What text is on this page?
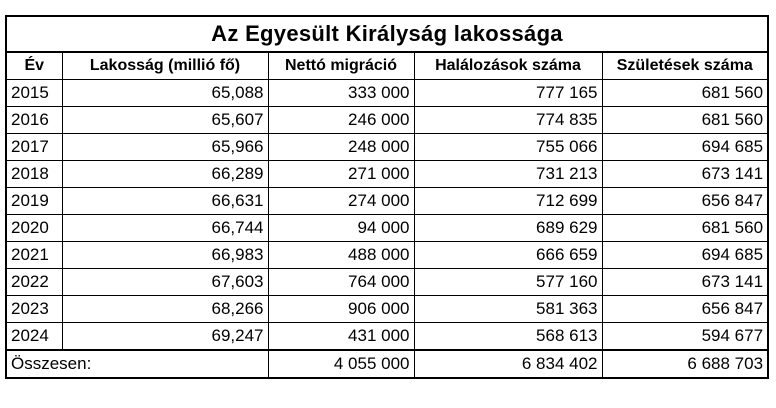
Az Egyesült Királyság lakossága				
Év	Lakosság (millió fő)	Nettó migráció	Halálozások száma	Születések száma
2015	65,088	333 000	777 165	681 560
2016	65,607	246 000	774 835	681 560
2017	65,966	248 000	755 066	694 685
2018	66,289	271 000	731 213	673 141
2019	66,631	274 000	712 699	656 847
2020	66,744	94 000	689 629	681 560
2021	66,983	488 000	666 659	694 685
2022	67,603	764 000	577 160	673 141
2023	68,266	906 000	581 363	656 847
2024	69,247	431 000	568 613	594 677
Összesen:		4 055 000	6 834 402	6 688 703
